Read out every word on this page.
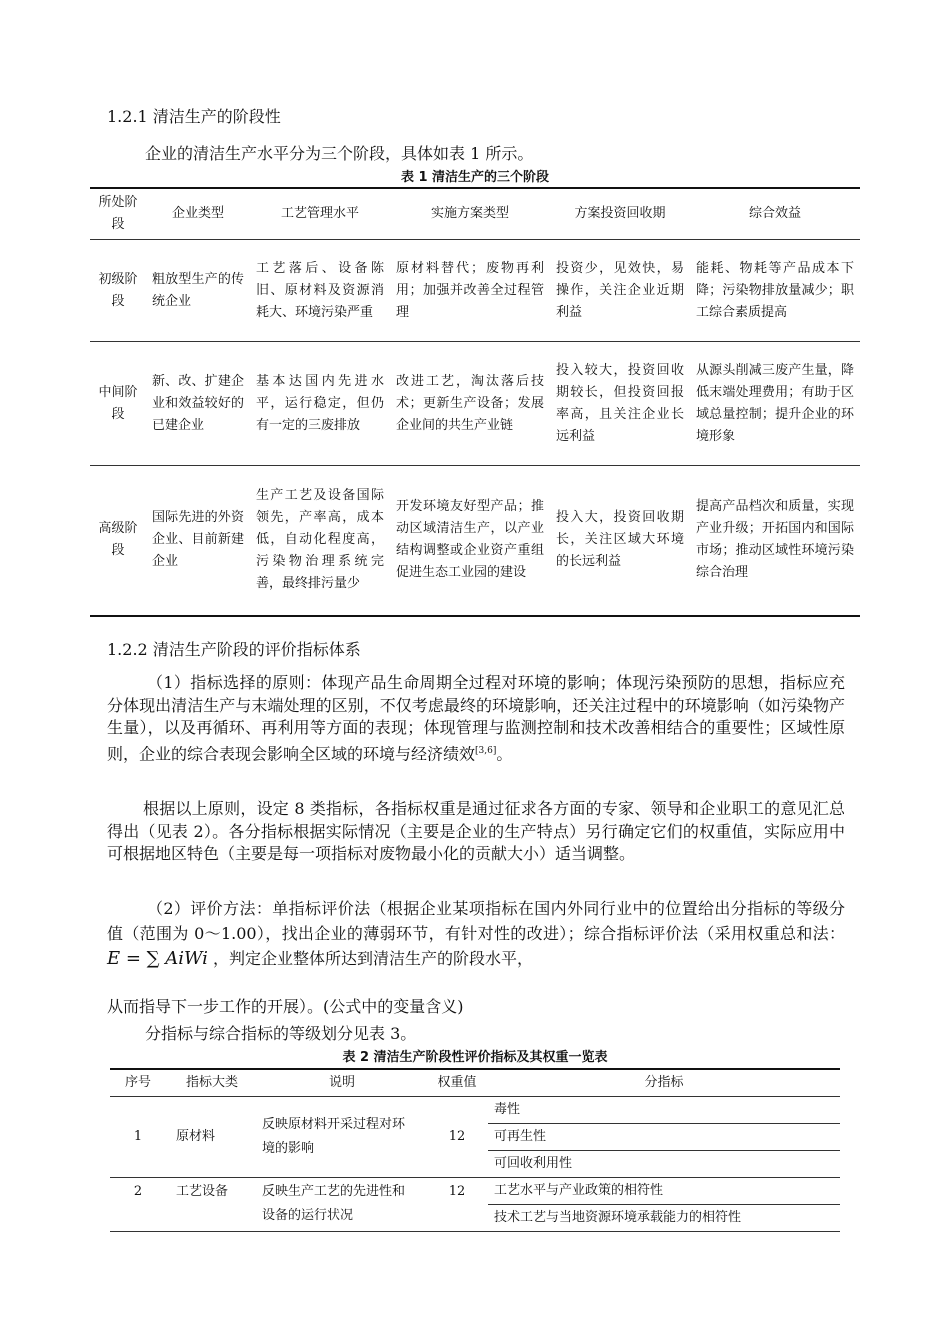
1.2.1 清洁生产的阶段性
企业的清洁生产水平分为三个阶段，具体如表 1 所示。
表 1 清洁生产的三个阶段
所处阶段	企业类型	工艺管理水平	实施方案类型	方案投资回收期	综合效益
初级阶段	粗放型生产的传统企业	工艺落后、设备陈旧、原材料及资源消耗大、环境污染严重	原材料替代；废物再利用；加强并改善全过程管理	投资少，见效快，易操作，关注企业近期利益	能耗、物耗等产品成本下降；污染物排放量减少；职工综合素质提高
中间阶段	新、改、扩建企业和效益较好的已建企业	基本达国内先进水平，运行稳定，但仍有一定的三废排放	改进工艺，淘汰落后技术；更新生产设备；发展企业间的共生产业链	投入较大，投资回收期较长，但投资回报率高，且关注企业长远利益	从源头削减三废产生量，降低末端处理费用；有助于区域总量控制；提升企业的环境形象
高级阶段	国际先进的外资企业、目前新建企业	生产工艺及设备国际领先，产率高，成本低，自动化程度高，污染物治理系统完善，最终排污量少	开发环境友好型产品；推动区域清洁生产，以产业结构调整或企业资产重组促进生态工业园的建设	投入大，投资回收期长，关注区域大环境的长远利益	提高产品档次和质量，实现产业升级；开拓国内和国际市场；推动区域性环境污染综合治理
1.2.2 清洁生产阶段的评价指标体系
（1）指标选择的原则：体现产品生命周期全过程对环境的影响；体现污染预防的思想，指标应充分体现出清洁生产与末端处理的区别，不仅考虑最终的环境影响，还关注过程中的环境影响（如污染物产生量），以及再循环、再利用等方面的表现；体现管理与监测控制和技术改善相结合的重要性；区域性原则，企业的综合表现会影响全区域的环境与经济绩效[3,6]。
根据以上原则，设定 8 类指标，各指标权重是通过征求各方面的专家、领导和企业职工的意见汇总得出（见表 2）。各分指标根据实际情况（主要是企业的生产特点）另行确定它们的权重值，实际应用中可根据地区特色（主要是每一项指标对废物最小化的贡献大小）适当调整。
（2）评价方法：单指标评价法（根据企业某项指标在国内外同行业中的位置给出分指标的等级分值（范围为 0～1.00），找出企业的薄弱环节，有针对性的改进）；综合指标评价法（采用权重总和法： E = ∑ AiWi ，判定企业整体所达到清洁生产的阶段水平，
从而指导下一步工作的开展）。(公式中的变量含义)
分指标与综合指标的等级划分见表 3。
表 2 清洁生产阶段性评价指标及其权重一览表
序号	指标大类	说明	权重值	分指标
1	原材料	反映原材料开采过程对环境的影响	12	毒性
				可再生性
				可回收利用性
2	工艺设备	反映生产工艺的先进性和设备的运行状况	12	工艺水平与产业政策的相符性
				技术工艺与当地资源环境承载能力的相符性
